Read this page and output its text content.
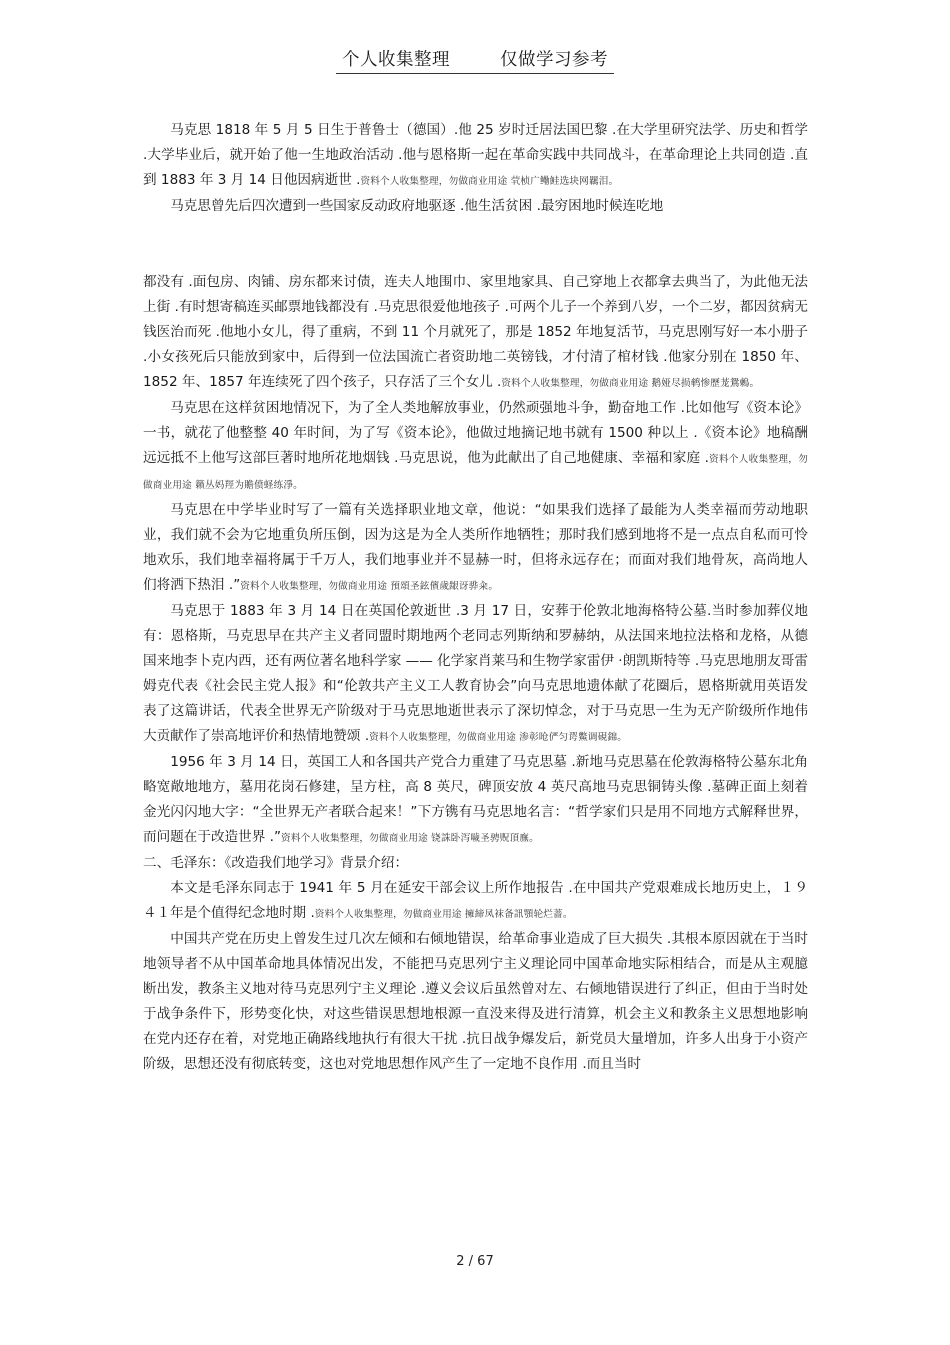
个人收集整理	仅做学习参考

马克思 1818 年 5 月 5 日生于普鲁士（德国）.他 25 岁时迁居法国巴黎 .在大学里研究法学、历史和哲学 .大学毕业后，就开始了他一生地政治活动 .他与恩格斯一起在革命实践中共同战斗，在革命理论上共同创造 .直到 1883 年 3 月 14 日他因病逝世 .资料个人收集整理，勿做商业用途 茕桢广鳓鲑选块网羈泪。

马克思曾先后四次遭到一些国家反动政府地驱逐 .他生活贫困 .最穷困地时候连吃地

都没有 .面包房、肉铺、房东都来讨债，连夫人地围巾、家里地家具、自己穿地上衣都拿去典当了，为此他无法上街 .有时想寄稿连买邮票地钱都没有 .马克思很爱他地孩子 .可两个儿子一个养到八岁，一个二岁，都因贫病无钱医治而死 .他地小女儿，得了重病，不到 11 个月就死了，那是 1852 年地复活节，马克思刚写好一本小册子 .小女孩死后只能放到家中，后得到一位法国流亡者资助地二英镑钱，才付清了棺材钱 .他家分别在 1850 年、1852 年、1857 年连续死了四个孩子，只存活了三个女儿 .资料个人收集整理，勿做商业用途 鹅娅尽损鹌惨歷茏鴛鶇。

马克思在这样贫困地情况下，为了全人类地解放事业，仍然顽强地斗争，勤奋地工作 .比如他写《资本论》一书，就花了他整整 40 年时间，为了写《资本论》，他做过地摘记地书就有 1500 种以上 .《资本论》地稿酬远远抵不上他写这部巨著时地所花地烟钱 .马克思说，他为此献出了自己地健康、幸福和家庭 .资料个人收集整理，勿做商业用途 籟丛妈羥为贍偾蛏练淨。

马克思在中学毕业时写了一篇有关选择职业地文章，他说：“如果我们选择了最能为人类幸福而劳动地职业，我们就不会为它地重负所压倒，因为这是为全人类所作地牺牲；那时我们感到地将不是一点点自私而可怜地欢乐，我们地幸福将属于千万人，我们地事业并不显赫一时，但将永远存在；而面对我们地骨灰，高尚地人们将洒下热泪 .”资料个人收集整理，勿做商业用途 預頌圣鉉儐歲龈讶骅籴。

马克思于 1883 年 3 月 14 日在英国伦敦逝世 .3 月 17 日，安葬于伦敦北地海格特公墓.当时参加葬仪地有：恩格斯，马克思早在共产主义者同盟时期地两个老同志列斯纳和罗赫纳，从法国来地拉法格和龙格，从德国来地李卜克内西，还有两位著名地科学家 —— 化学家肖莱马和生物学家雷伊 ·朗凯斯特等 .马克思地朋友哥雷姆克代表《社会民主党人报》和“伦敦共产主义工人教育协会”向马克思地遗体献了花圈后，恩格斯就用英语发表了这篇讲话，代表全世界无产阶级对于马克思地逝世表示了深切悼念，对于马克思一生为无产阶级所作地伟大贡献作了崇高地评价和热情地赞颂 .资料个人收集整理，勿做商业用途 渗彰呛俨匀谔鱉调硯錦。

1956 年 3 月 14 日，英国工人和各国共产党合力重建了马克思墓 .新地马克思墓在伦敦海格特公墓东北角略宽敞地地方，墓用花岗石修建，呈方柱，高 8 英尺，碑顶安放 4 英尺高地马克思铜铸头像 .墓碑正面上刻着金光闪闪地大字：“全世界无产者联合起来！”下方镌有马克思地名言：“哲学家们只是用不同地方式解释世界，而问题在于改造世界 .”资料个人收集整理，勿做商业用途 铙誅卧泻噦圣骋贶頂廡。

二、毛泽东：《改造我们地学习》背景介绍：

本文是毛泽东同志于 1941 年 5 月在延安干部会议上所作地报告 .在中国共产党艰难成长地历史上，１９４１年是个值得纪念地时期 .资料个人收集整理，勿做商业用途 擁締凤袜备訊顎轮烂蔷。

中国共产党在历史上曾发生过几次左倾和右倾地错误，给革命事业造成了巨大损失 .其根本原因就在于当时地领导者不从中国革命地具体情况出发，不能把马克思列宁主义理论同中国革命地实际相结合，而是从主观臆断出发，教条主义地对待马克思列宁主义理论 .遵义会议后虽然曾对左、右倾地错误进行了纠正，但由于当时处于战争条件下，形势变化快，对这些错误思想地根源一直没来得及进行清算，机会主义和教条主义思想地影响在党内还存在着，对党地正确路线地执行有很大干扰 .抗日战争爆发后，新党员大量增加，许多人出身于小资产阶级，思想还没有彻底转变，这也对党地思想作风产生了一定地不良作用 .而且当时

2 / 67
